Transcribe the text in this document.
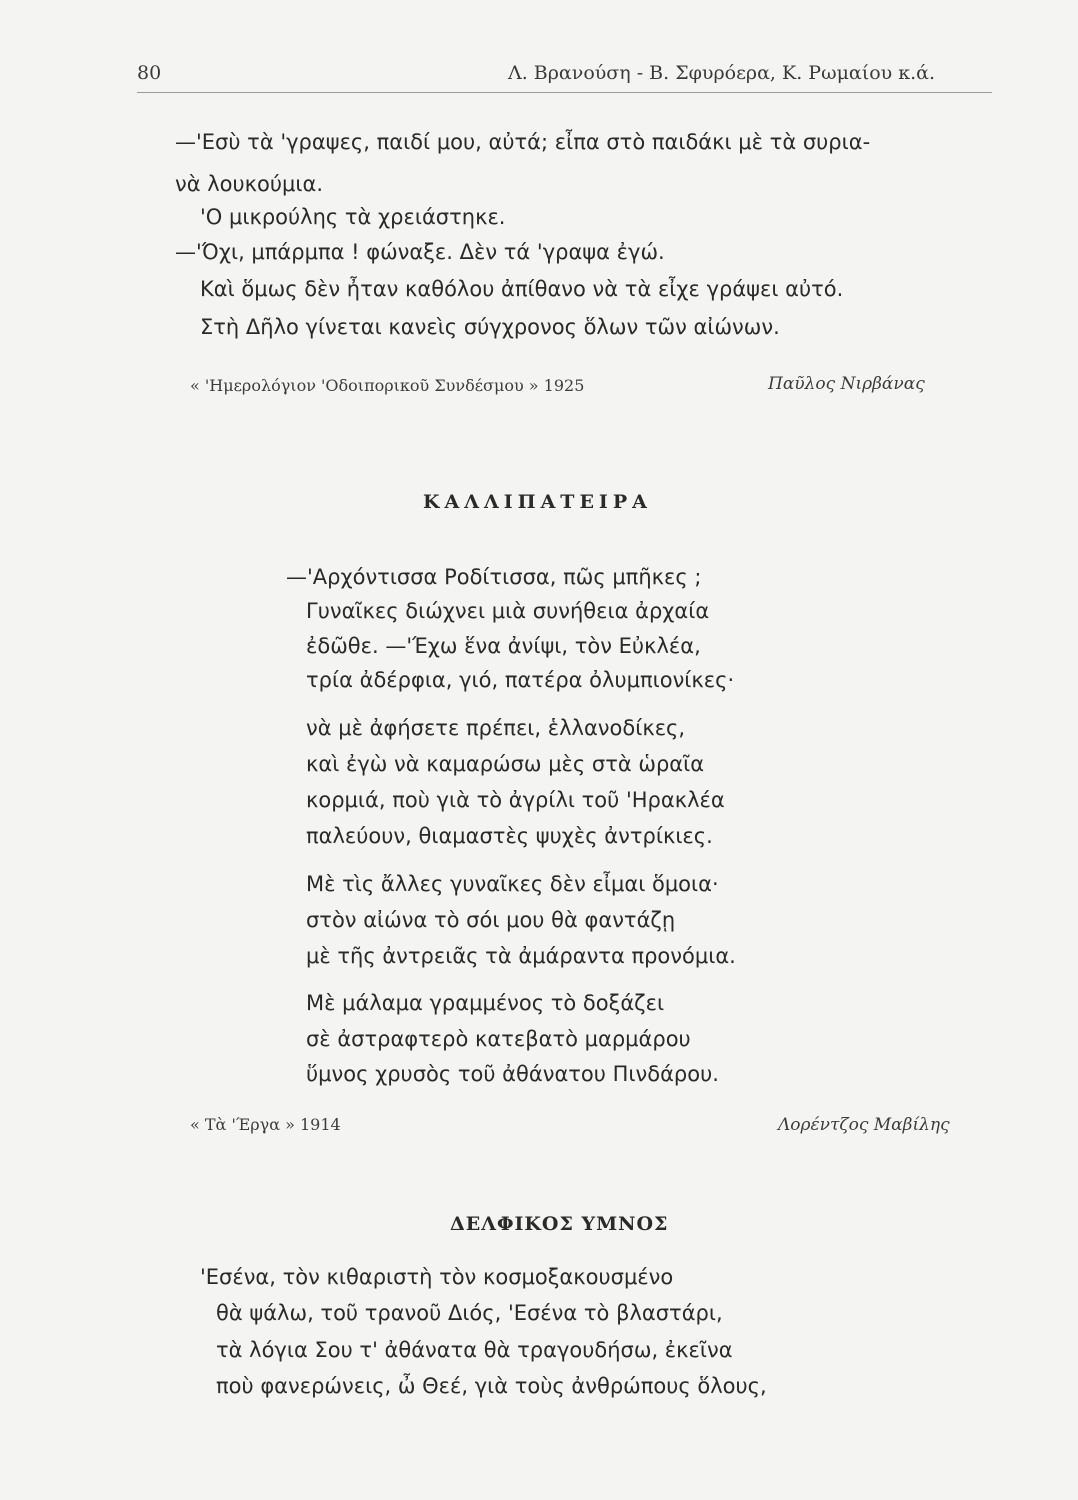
80	Λ. Βρανούση - Β. Σφυρόερα, Κ. Ρωμαίου κ.ά.
—'Εσὺ τὰ 'γραψες, παιδί μου, αὐτά; εἶπα στὸ παιδάκι μὲ τὰ συρια-
νὰ λουκούμια.
'Ο μικρούλης τὰ χρειάστηκε.
—'Όχι, μπάρμπα ! φώναξε. Δὲν τά 'γραψα ἐγώ.
Καὶ ὅμως δὲν ἦταν καθόλου ἀπίθανο νὰ τὰ εἶχε γράψει αὐτό.
Στὴ Δῆλο γίνεται κανεὶς σύγχρονος ὅλων τῶν αἰώνων.
« 'Ημερολόγιον 'Οδοιπορικοῦ Συνδέσμου » 1925	Παῦλος Νιρβάνας
ΚΑΛΛΙΠΑΤΕΙΡΑ
—'Αρχόντισσα Ροδίτισσα, πῶς μπῆκες ;
Γυναῖκες διώχνει μιὰ συνήθεια ἀρχαία
ἐδῶθε. —'Έχω ἕνα ἀνίψι, τὸν Εὐκλέα,
τρία ἀδέρφια, γιό, πατέρα ὀλυμπιονίκες·
νὰ μὲ ἀφήσετε πρέπει, ἑλλανοδίκες,
καὶ ἐγὼ νὰ καμαρώσω μὲς στὰ ὡραῖα
κορμιά, ποὺ γιὰ τὸ ἀγρίλι τοῦ 'Ηρακλέα
παλεύουν, θιαμαστὲς ψυχὲς ἀντρίκιες.
Μὲ τὶς ἄλλες γυναῖκες δὲν εἶμαι ὅμοια·
στὸν αἰώνα τὸ σόι μου θὰ φαντάζῃ
μὲ τῆς ἀντρειᾶς τὰ ἀμάραντα προνόμια.
Μὲ μάλαμα γραμμένος τὸ δοξάζει
σὲ ἀστραφτερὸ κατεβατὸ μαρμάρου
ὕμνος χρυσὸς τοῦ ἀθάνατου Πινδάρου.
« Τὰ 'Έργα » 1914	Λορέντζος Μαβίλης
ΔΕΛΦΙΚΟΣ ΥΜΝΟΣ
'Εσένα, τὸν κιθαριστὴ τὸν κοσμοξακουσμένο
θὰ ψάλω, τοῦ τρανοῦ Διός, 'Εσένα τὸ βλαστάρι,
τὰ λόγια Σου τ' ἀθάνατα θὰ τραγουδήσω, ἐκεῖνα
ποὺ φανερώνεις, ὦ Θεέ, γιὰ τοὺς ἀνθρώπους ὅλους,
